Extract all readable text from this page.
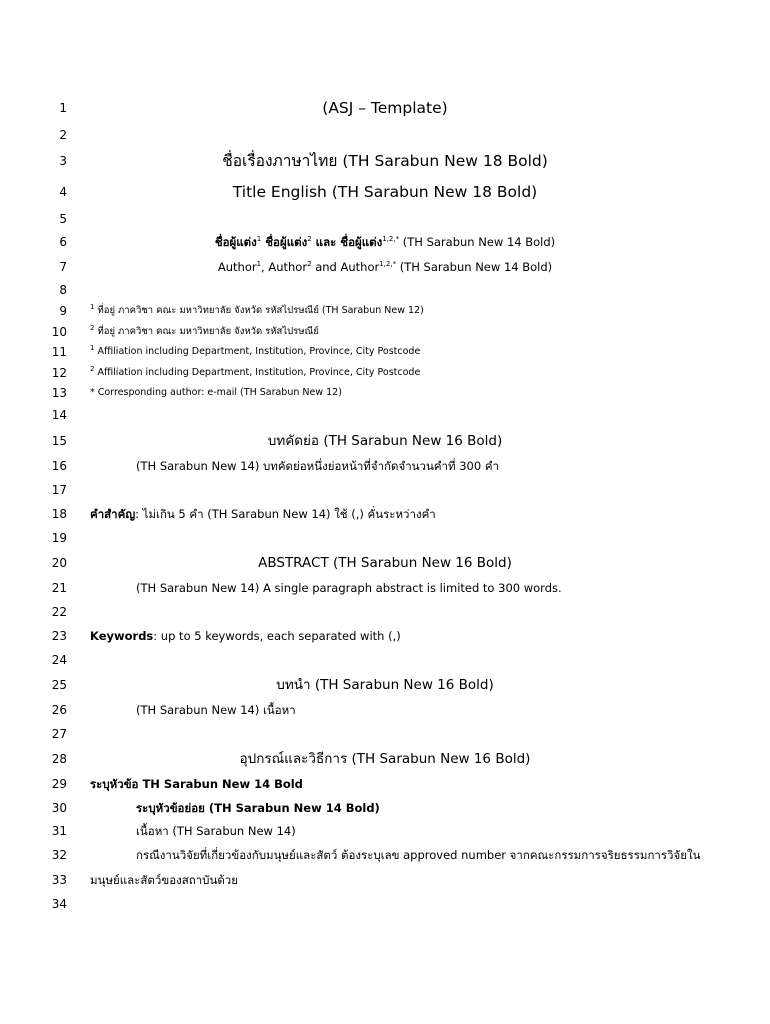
1	(ASJ – Template)
2
3	ชื่อเรื่องภาษาไทย (TH Sarabun New 18 Bold)
4	Title English (TH Sarabun New 18 Bold)
5
6	ชื่อผู้แต่ง$^1$ ชื่อผู้แต่ง$^2$ และ ชื่อผู้แต่ง$^{1,2,*}$ (TH Sarabun New 14 Bold)
7	Author$^1$, Author$^2$ and Author$^{1,2,*}$ (TH Sarabun New 14 Bold)
8
9	$^1$ ที่อยู่ ภาควิชา คณะ มหาวิทยาลัย จังหวัด รหัสไปรษณีย์ (TH Sarabun New 12)
10	$^2$ ที่อยู่ ภาควิชา คณะ มหาวิทยาลัย จังหวัด รหัสไปรษณีย์
11	$^1$ Affiliation including Department, Institution, Province, City Postcode
12	$^2$ Affiliation including Department, Institution, Province, City Postcode
13 * Corresponding author: e-mail (TH Sarabun New 12)
14
15	บทคัดย่อ (TH Sarabun New 16 Bold)
16	(TH Sarabun New 14) บทคัดย่อหนึ่งย่อหน้าที่จำกัดจำนวนคำที่ 300 คำ
17
18 คำสำคัญ: ไม่เกิน 5 คำ (TH Sarabun New 14) ใช้ (,) คั่นระหว่างคำ
19
20	ABSTRACT (TH Sarabun New 16 Bold)
21	(TH Sarabun New 14) A single paragraph abstract is limited to 300 words.
22
23 Keywords: up to 5 keywords, each separated with (,)
24
25	บทนำ (TH Sarabun New 16 Bold)
26	(TH Sarabun New 14) เนื้อหา
27
28	อุปกรณ์และวิธีการ (TH Sarabun New 16 Bold)
29 ระบุหัวข้อ TH Sarabun New 14 Bold
30	ระบุหัวข้อย่อย (TH Sarabun New 14 Bold)
31	เนื้อหา (TH Sarabun New 14)
32	กรณีงานวิจัยที่เกี่ยวข้องกับมนุษย์และสัตว์ ต้องระบุเลข approved number จากคณะกรรมการจริยธรรมการวิจัยใน
33 มนุษย์และสัตว์ของสถาบันด้วย
34
